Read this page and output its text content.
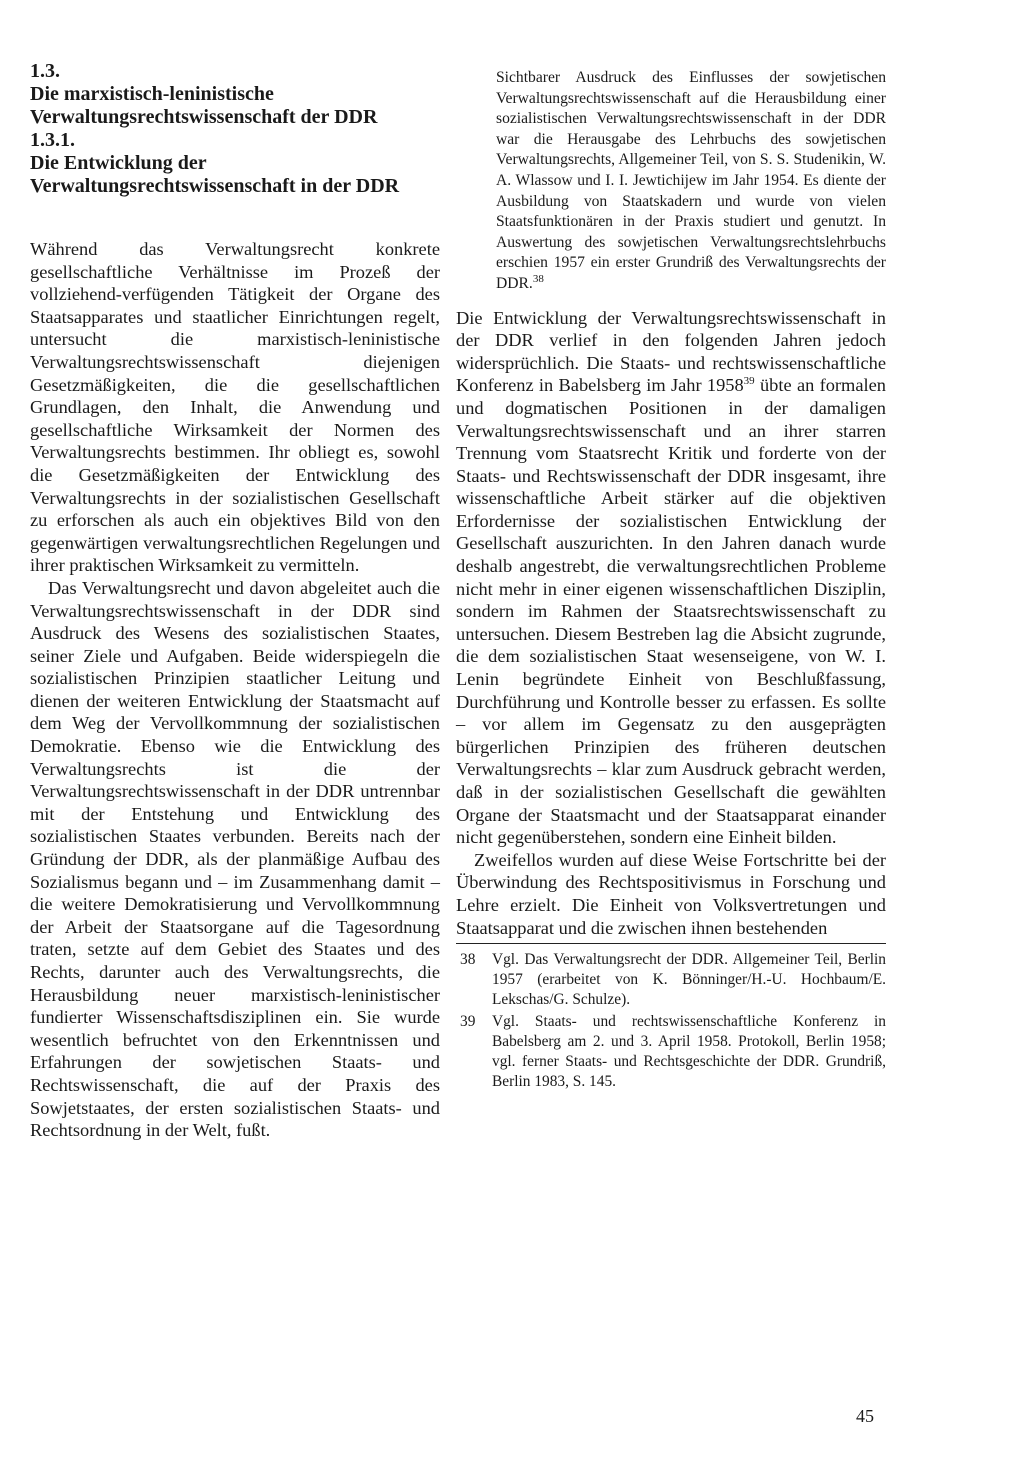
1.3.
Die marxistisch-leninistische
Verwaltungsrechtswissenschaft der DDR
1.3.1.
Die Entwicklung der
Verwaltungsrechtswissenschaft in der DDR

Während das Verwaltungsrecht konkrete gesellschaftliche Verhältnisse im Prozeß der vollziehend-verfügenden Tätigkeit der Organe des Staatsapparates und staatlicher Einrichtungen regelt, untersucht die marxistisch-leninistische Verwaltungsrechtswissenschaft diejenigen Gesetzmäßigkeiten, die die gesellschaftlichen Grundlagen, den Inhalt, die Anwendung und gesellschaftliche Wirksamkeit der Normen des Verwaltungsrechts bestimmen. Ihr obliegt es, sowohl die Gesetzmäßigkeiten der Entwicklung des Verwaltungsrechts in der sozialistischen Gesellschaft zu erforschen als auch ein objektives Bild von den gegenwärtigen verwaltungsrechtlichen Regelungen und ihrer praktischen Wirksamkeit zu vermitteln.

Das Verwaltungsrecht und davon abgeleitet auch die Verwaltungsrechtswissenschaft in der DDR sind Ausdruck des Wesens des sozialistischen Staates, seiner Ziele und Aufgaben. Beide widerspiegeln die sozialistischen Prinzipien staatlicher Leitung und dienen der weiteren Entwicklung der Staatsmacht auf dem Weg der Vervollkommnung der sozialistischen Demokratie. Ebenso wie die Entwicklung des Verwaltungsrechts ist die der Verwaltungsrechtswissenschaft in der DDR untrennbar mit der Entstehung und Entwicklung des sozialistischen Staates verbunden. Bereits nach der Gründung der DDR, als der planmäßige Aufbau des Sozialismus begann und – im Zusammenhang damit – die weitere Demokratisierung und Vervollkommnung der Arbeit der Staatsorgane auf die Tagesordnung traten, setzte auf dem Gebiet des Staates und des Rechts, darunter auch des Verwaltungsrechts, die Herausbildung neuer marxistisch-leninistischer fundierter Wissenschaftsdisziplinen ein. Sie wurde wesentlich befruchtet von den Erkenntnissen und Erfahrungen der sowjetischen Staats- und Rechtswissenschaft, die auf der Praxis des Sowjetstaates, der ersten sozialistischen Staats- und Rechtsordnung in der Welt, fußt.

Sichtbarer Ausdruck des Einflusses der sowjetischen Verwaltungsrechtswissenschaft auf die Herausbildung einer sozialistischen Verwaltungsrechtswissenschaft in der DDR war die Herausgabe des Lehrbuchs des sowjetischen Verwaltungsrechts, Allgemeiner Teil, von S. S. Studenikin, W. A. Wlassow und I. I. Jewtichijew im Jahr 1954. Es diente der Ausbildung von Staatskadern und wurde von vielen Staatsfunktionären in der Praxis studiert und genutzt. In Auswertung des sowjetischen Verwaltungsrechtslehrbuchs erschien 1957 ein erster Grundriß des Verwaltungsrechts der DDR.$^{38}$

Die Entwicklung der Verwaltungsrechtswissenschaft in der DDR verlief in den folgenden Jahren jedoch widersprüchlich. Die Staats- und rechtswissenschaftliche Konferenz in Babelsberg im Jahr 1958$^{39}$ übte an formalen und dogmatischen Positionen in der damaligen Verwaltungsrechtswissenschaft und an ihrer starren Trennung vom Staatsrecht Kritik und forderte von der Staats- und Rechtswissenschaft der DDR insgesamt, ihre wissenschaftliche Arbeit stärker auf die objektiven Erfordernisse der sozialistischen Entwicklung der Gesellschaft auszurichten. In den Jahren danach wurde deshalb angestrebt, die verwaltungsrechtlichen Probleme nicht mehr in einer eigenen wissenschaftlichen Disziplin, sondern im Rahmen der Staatsrechtswissenschaft zu untersuchen. Diesem Bestreben lag die Absicht zugrunde, die dem sozialistischen Staat wesenseigene, von W. I. Lenin begründete Einheit von Beschlußfassung, Durchführung und Kontrolle besser zu erfassen. Es sollte – vor allem im Gegensatz zu den ausgeprägten bürgerlichen Prinzipien des früheren deutschen Verwaltungsrechts – klar zum Ausdruck gebracht werden, daß in der sozialistischen Gesellschaft die gewählten Organe der Staatsmacht und der Staatsapparat einander nicht gegenüberstehen, sondern eine Einheit bilden.

Zweifellos wurden auf diese Weise Fortschritte bei der Überwindung des Rechtspositivismus in Forschung und Lehre erzielt. Die Einheit von Volksvertretungen und Staatsapparat und die zwischen ihnen bestehenden

38	Vgl. Das Verwaltungsrecht der DDR. Allgemeiner Teil, Berlin 1957 (erarbeitet von K. Bönninger/H.-U. Hochbaum/E. Lekschas/G. Schulze).
39	Vgl. Staats- und rechtswissenschaftliche Konferenz in Babelsberg am 2. und 3. April 1958. Protokoll, Berlin 1958; vgl. ferner Staats- und Rechtsgeschichte der DDR. Grundriß, Berlin 1983, S. 145.
45
